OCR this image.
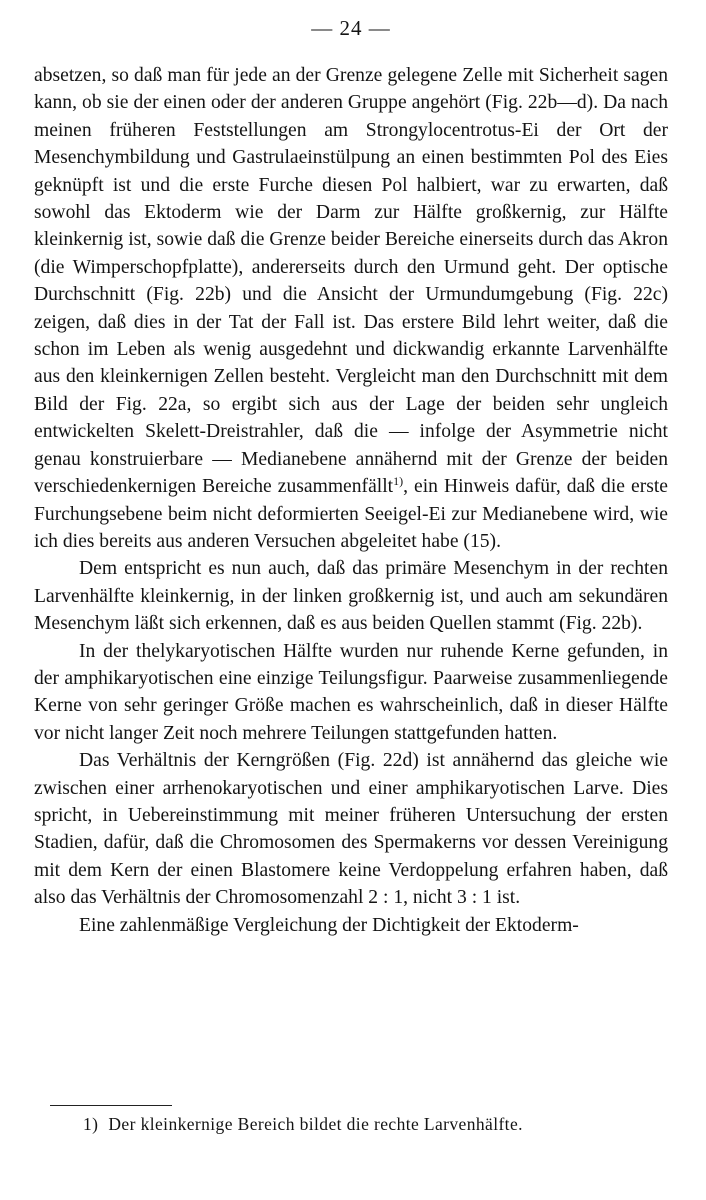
— 24 —

absetzen, so daß man für jede an der Grenze gelegene Zelle mit Sicherheit sagen kann, ob sie der einen oder der anderen Gruppe angehört (Fig. 22b—d). Da nach meinen früheren Feststellungen am Strongylocentrotus-Ei der Ort der Mesenchymbildung und Gastrulaeinstülpung an einen bestimmten Pol des Eies geknüpft ist und die erste Furche diesen Pol halbiert, war zu erwarten, daß sowohl das Ektoderm wie der Darm zur Hälfte großkernig, zur Hälfte kleinkernig ist, sowie daß die Grenze beider Bereiche einerseits durch das Akron (die Wimperschopfplatte), andererseits durch den Urmund geht. Der optische Durchschnitt (Fig. 22b) und die Ansicht der Urmundumgebung (Fig. 22c) zeigen, daß dies in der Tat der Fall ist. Das erstere Bild lehrt weiter, daß die schon im Leben als wenig ausgedehnt und dickwandig erkannte Larvenhälfte aus den kleinkernigen Zellen besteht. Vergleicht man den Durchschnitt mit dem Bild der Fig. 22a, so ergibt sich aus der Lage der beiden sehr ungleich entwickelten Skelett-Dreistrahler, daß die — infolge der Asymmetrie nicht genau konstruierbare — Medianebene annähernd mit der Grenze der beiden verschiedenkernigen Bereiche zusammenfällt$^{1)}$, ein Hinweis dafür, daß die erste Furchungsebene beim nicht deformierten Seeigel-Ei zur Medianebene wird, wie ich dies bereits aus anderen Versuchen abgeleitet habe (15).

Dem entspricht es nun auch, daß das primäre Mesenchym in der rechten Larvenhälfte kleinkernig, in der linken großkernig ist, und auch am sekundären Mesenchym läßt sich erkennen, daß es aus beiden Quellen stammt (Fig. 22b).

In der thelykaryotischen Hälfte wurden nur ruhende Kerne gefunden, in der amphikaryotischen eine einzige Teilungsfigur. Paarweise zusammenliegende Kerne von sehr geringer Größe machen es wahrscheinlich, daß in dieser Hälfte vor nicht langer Zeit noch mehrere Teilungen stattgefunden hatten.

Das Verhältnis der Kerngrößen (Fig. 22d) ist annähernd das gleiche wie zwischen einer arrhenokaryotischen und einer amphikaryotischen Larve. Dies spricht, in Uebereinstimmung mit meiner früheren Untersuchung der ersten Stadien, dafür, daß die Chromosomen des Spermakerns vor dessen Vereinigung mit dem Kern der einen Blastomere keine Verdoppelung erfahren haben, daß also das Verhältnis der Chromosomenzahl 2 : 1, nicht 3 : 1 ist.

Eine zahlenmäßige Vergleichung der Dichtigkeit der Ektoderm-

1) Der kleinkernige Bereich bildet die rechte Larvenhälfte.
